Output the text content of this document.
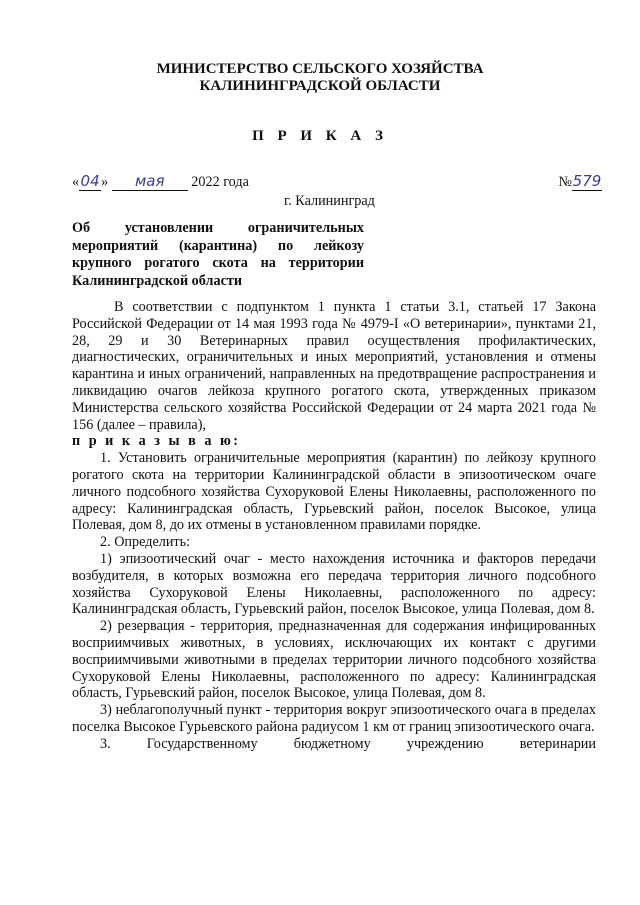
МИНИСТЕРСТВО СЕЛЬСКОГО ХОЗЯЙСТВА
КАЛИНИНГРАДСКОЙ ОБЛАСТИ
П Р И К А З
«04» мая 2022 года	№579
г. Калининград
Об установлении ограничительных
мероприятий (карантина) по лейкозу
крупного рогатого скота на территории
Калининградской области

В соответствии с подпунктом 1 пункта 1 статьи 3.1, статьей 17 Закона Российской Федерации от 14 мая 1993 года № 4979-I «О ветеринарии», пунктами 21, 28, 29 и 30 Ветеринарных правил осуществления профилактических, диагностических, ограничительных и иных мероприятий, установления и отмены карантина и иных ограничений, направленных на предотвращение распространения и ликвидацию очагов лейкоза крупного рогатого скота, утвержденных приказом Министерства сельского хозяйства Российской Федерации от 24 марта 2021 года № 156 (далее – правила),

п р и к а з ы в а ю:

1. Установить ограничительные мероприятия (карантин) по лейкозу крупного рогатого скота на территории Калининградской области в эпизоотическом очаге личного подсобного хозяйства Сухоруковой Елены Николаевны, расположенного по адресу: Калининградская область, Гурьевский район, поселок Высокое, улица Полевая, дом 8, до их отмены в установленном правилами порядке.

2. Определить:

1) эпизоотический очаг - место нахождения источника и факторов передачи возбудителя, в которых возможна его передача территория личного подсобного хозяйства Сухоруковой Елены Николаевны, расположенного по адресу: Калининградская область, Гурьевский район, поселок Высокое, улица Полевая, дом 8.

2) резервация - территория, предназначенная для содержания инфицированных восприимчивых животных, в условиях, исключающих их контакт с другими восприимчивыми животными в пределах территории личного подсобного хозяйства Сухоруковой Елены Николаевны, расположенного по адресу: Калининградская область, Гурьевский район, поселок Высокое, улица Полевая, дом 8.

3) неблагополучный пункт - территория вокруг эпизоотического очага в пределах поселка Высокое Гурьевского района радиусом 1 км от границ эпизоотического очага.

3. Государственному бюджетному учреждению ветеринарии
